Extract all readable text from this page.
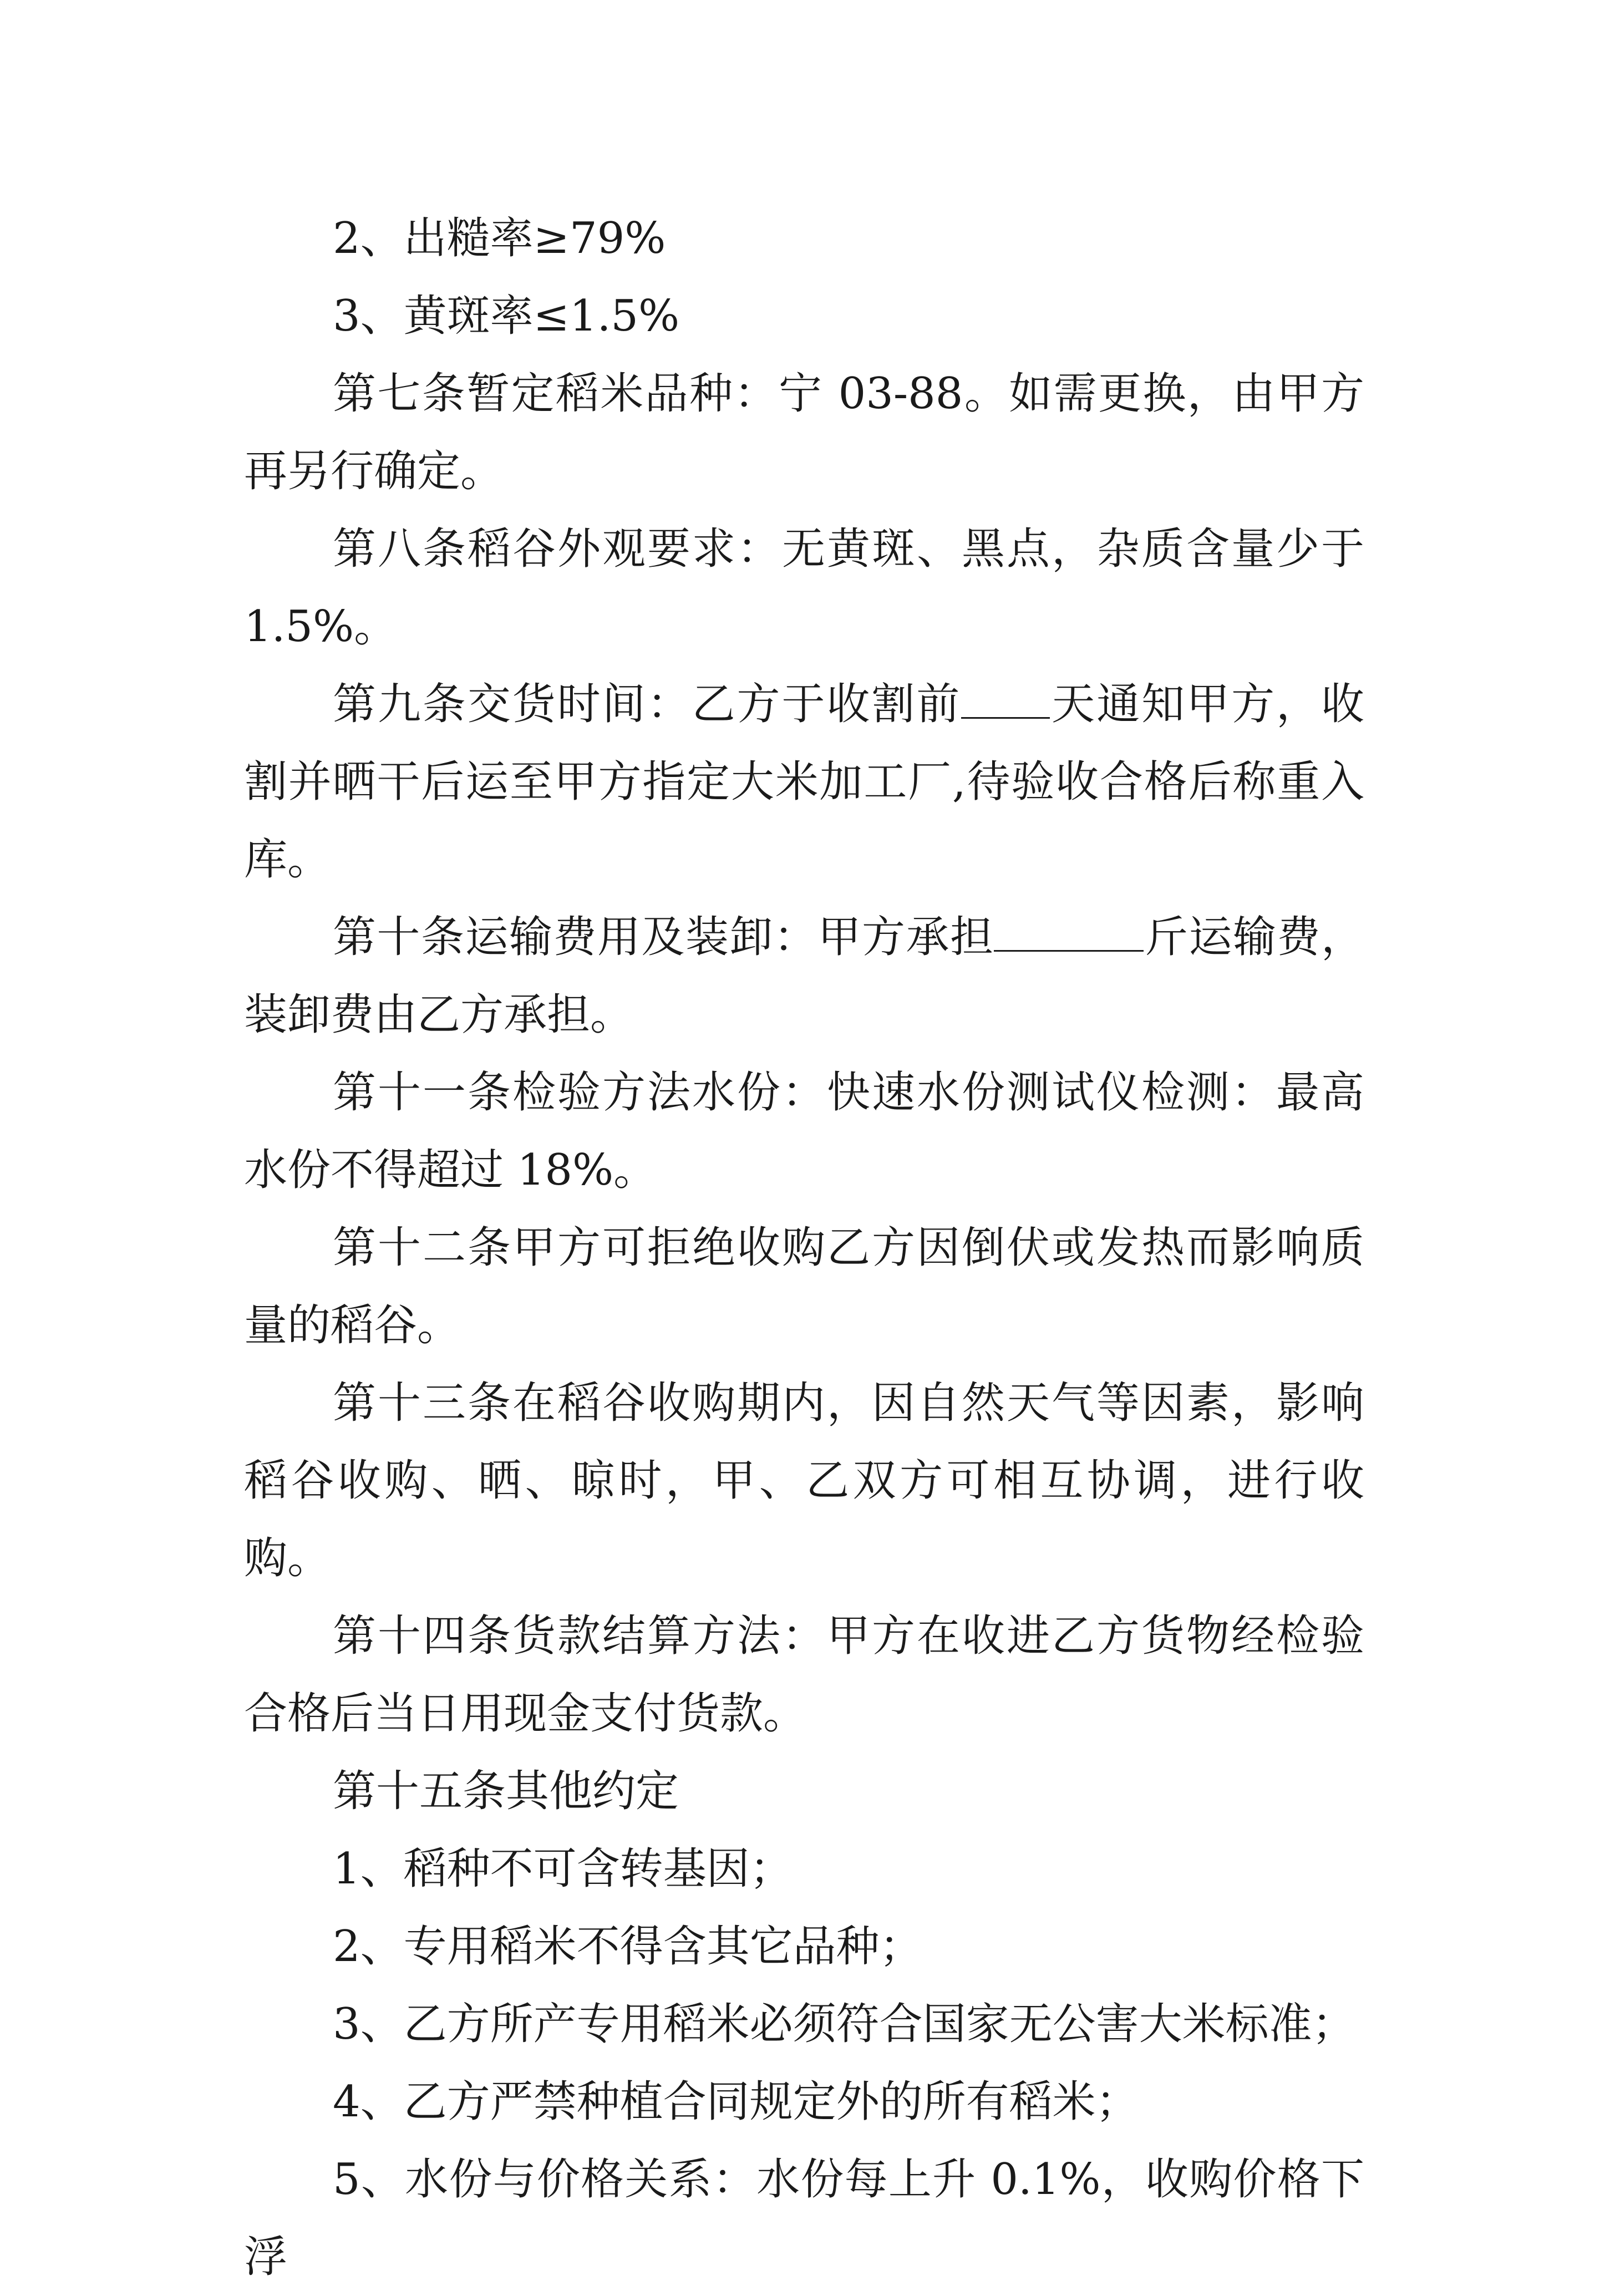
2、出糙率≥79%

3、黄斑率≤1.5%

第七条暂定稻米品种：宁 03-88。如需更换，由甲方再另行确定。

第八条稻谷外观要求：无黄斑、黑点，杂质含量少于 1.5%。

第九条交货时间：乙方于收割前 天通知甲方，收割并晒干后运至甲方指定大米加工厂,待验收合格后称重入库。

第十条运输费用及装卸：甲方承担	斤运输费，装卸费由乙方承担。

第十一条检验方法水份：快速水份测试仪检测：最高水份不得超过 18%。

第十二条甲方可拒绝收购乙方因倒伏或发热而影响质量的稻谷。

第十三条在稻谷收购期内，因自然天气等因素，影响稻谷收购、晒、晾时，甲、乙双方可相互协调，进行收购。

第十四条货款结算方法：甲方在收进乙方货物经检验合格后当日用现金支付货款。

第十五条其他约定

1、稻种不可含转基因；

2、专用稻米不得含其它品种；

3、乙方所产专用稻米必须符合国家无公害大米标准；

4、乙方严禁种植合同规定外的所有稻米；

5、水份与价格关系：水份每上升 0.1%，收购价格下浮
